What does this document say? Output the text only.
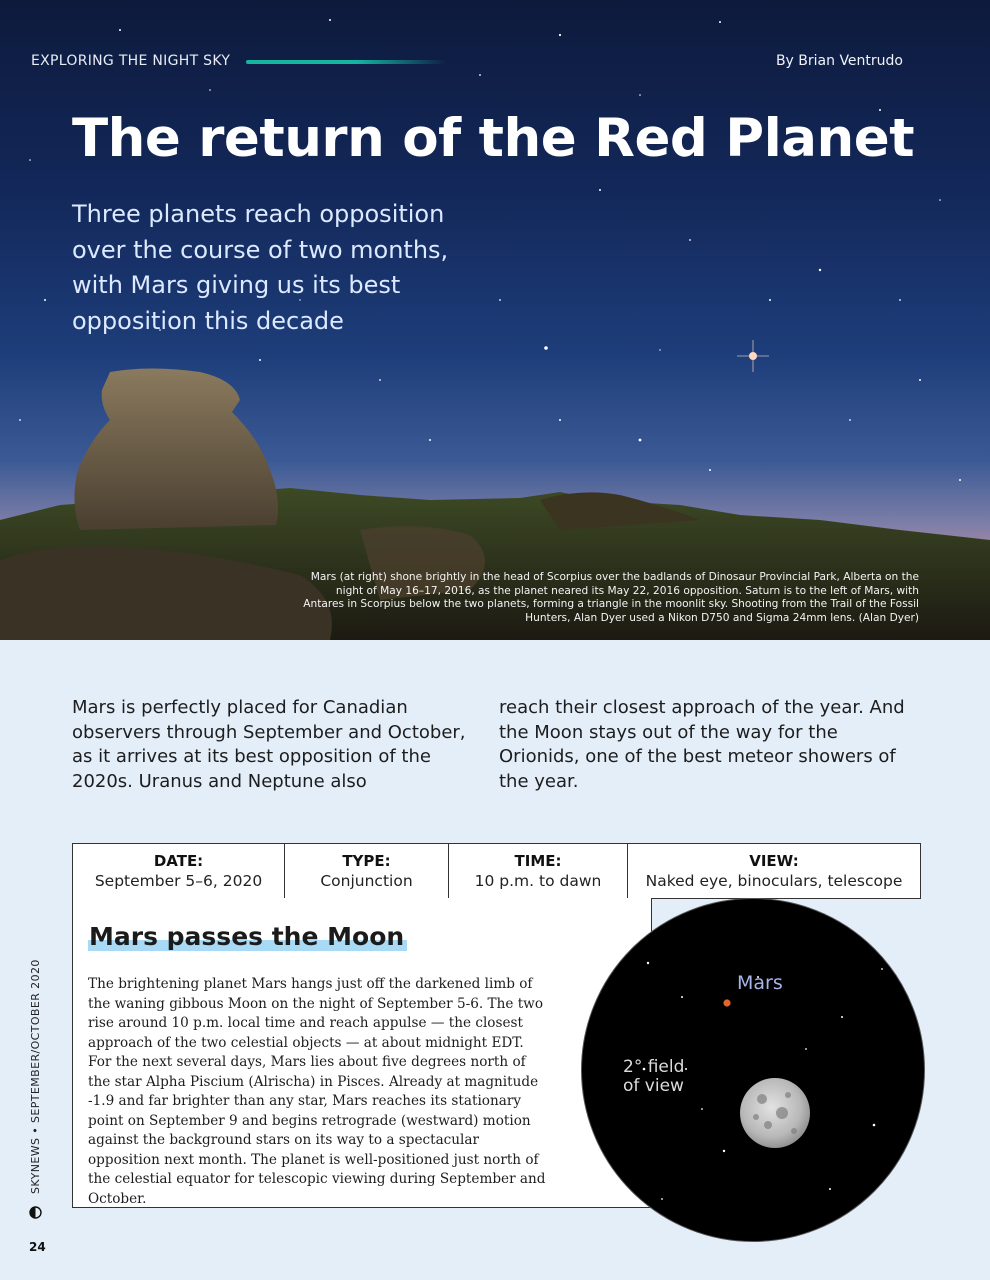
EXPLORING THE NIGHT SKY	By Brian Ventrudo
The return of the Red Planet

Three planets reach opposition over the course of two months, with Mars giving us its best opposition this decade

Mars (at right) shone brightly in the head of Scorpius over the badlands of Dinosaur Provincial Park, Alberta on the night of May 16–17, 2016, as the planet neared its May 22, 2016 opposition. Saturn is to the left of Mars, with Antares in Scorpius below the two planets, forming a triangle in the moonlit sky. Shooting from the Trail of the Fossil Hunters, Alan Dyer used a Nikon D750 and Sigma 24mm lens. (Alan Dyer)

Mars is perfectly placed for Canadian observers through September and October, as it arrives at its best opposition of the 2020s. Uranus and Neptune also

reach their closest approach of the year. And the Moon stays out of the way for the Orionids, one of the best meteor showers of the year.

DATE:
September 5–6, 2020
TYPE:
Conjunction
TIME:
10 p.m. to dawn
VIEW:
Naked eye, binoculars, telescope
Mars passes the Moon

The brightening planet Mars hangs just off the darkened limb of the waning gibbous Moon on the night of September 5-6. The two rise around 10 p.m. local time and reach appulse — the closest approach of the two celestial objects — at about midnight EDT. For the next several days, Mars lies about five degrees north of the star Alpha Piscium (Alrischa) in Pisces. Already at magnitude -1.9 and far brighter than any star, Mars reaches its stationary point on September 9 and begins retrograde (westward) motion against the background stars on its way to a spectacular opposition next month. The planet is well-positioned just north of the celestial equator for telescopic viewing during September and October.

Mars
2° field
of view
SKYNEWS • SEPTEMBER/OCTOBER 2020
24
